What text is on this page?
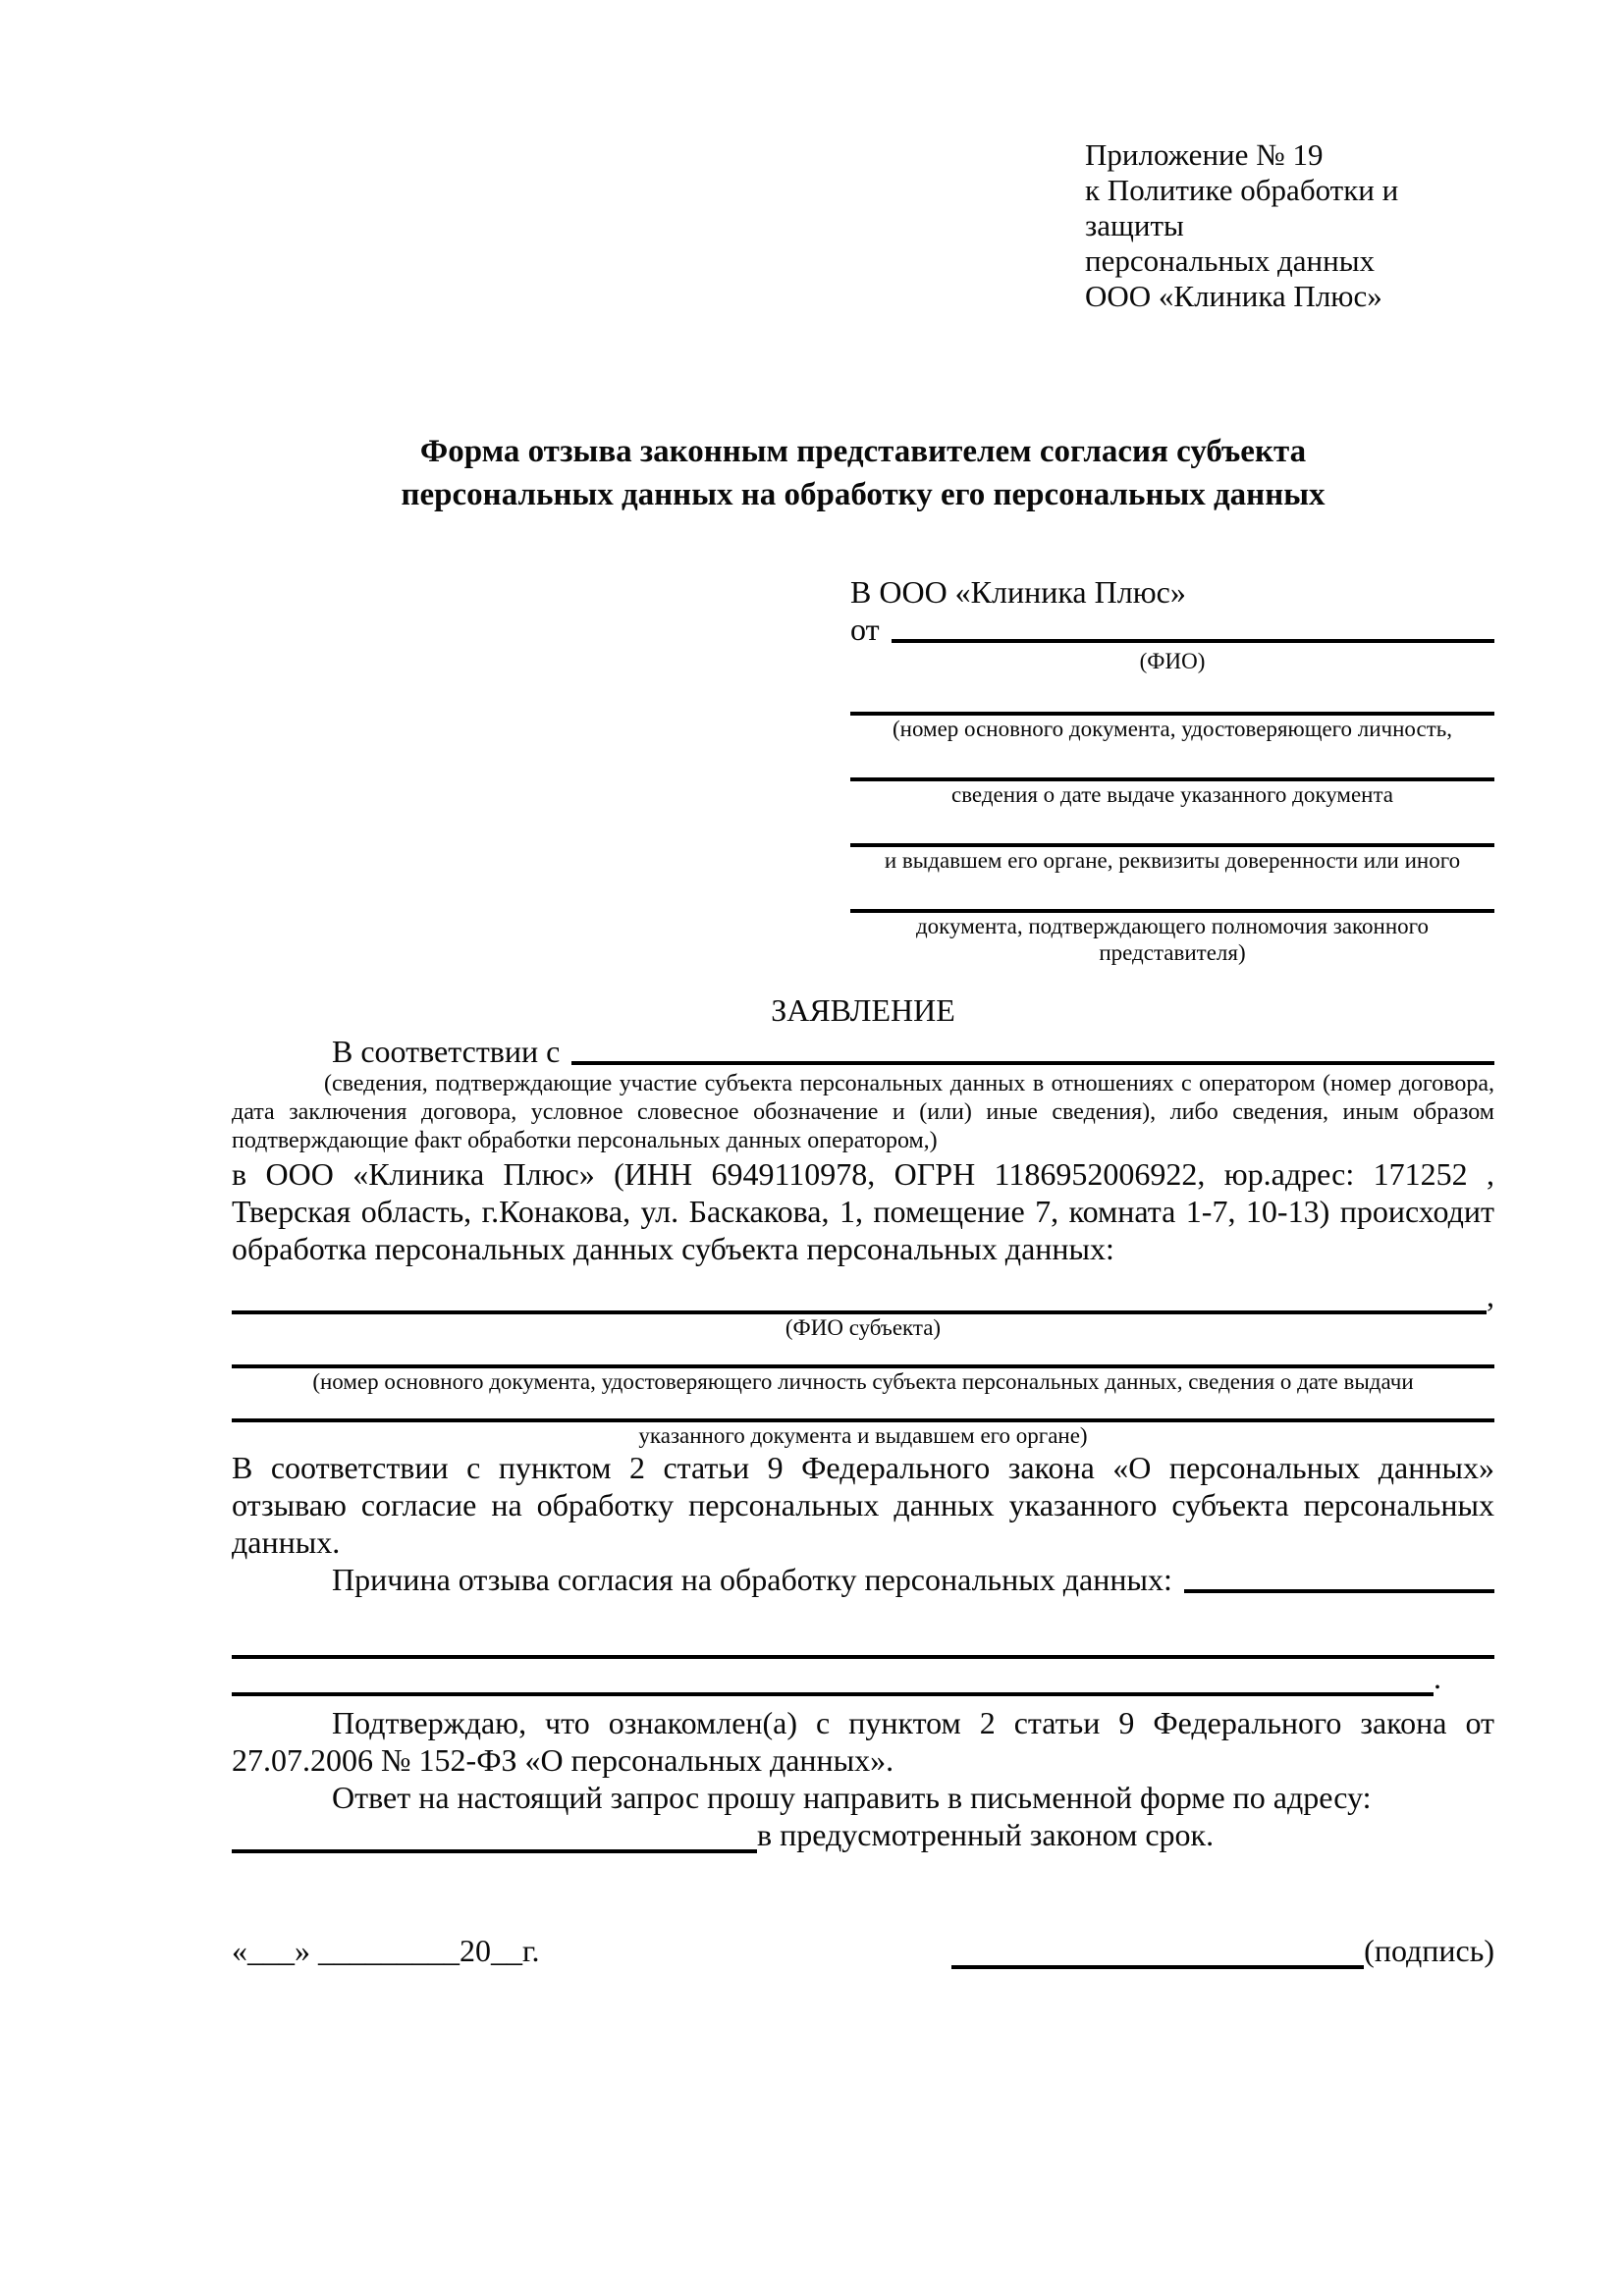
Приложение № 19
к Политике обработки и защиты
персональных данных
ООО «Клиника Плюс»
Форма отзыва законным представителем согласия субъекта
персональных данных на обработку его персональных данных
В ООО «Клиника Плюс»
от
(ФИО)
(номер основного документа, удостоверяющего личность,
сведения о дате выдаче указанного документа
и выдавшем его органе, реквизиты доверенности или иного
документа, подтверждающего полномочия законного представителя)
ЗАЯВЛЕНИЕ
В соответствии с
(сведения, подтверждающие участие субъекта персональных данных в отношениях с оператором (номер договора, дата заключения договора, условное словесное обозначение и (или) иные сведения), либо сведения, иным образом подтверждающие факт обработки персональных данных оператором,)
в ООО «Клиника Плюс» (ИНН 6949110978, ОГРН 1186952006922, юр.адрес: 171252 , Тверская область, г.Конакова, ул. Баскакова, 1, помещение 7, комната 1-7, 10-13) происходит обработка персональных данных субъекта персональных данных:
,
(ФИО субъекта)
(номер основного документа, удостоверяющего личность субъекта персональных данных, сведения о дате выдачи
указанного документа и выдавшем его органе)
В соответствии с пунктом 2 статьи 9 Федерального закона «О персональных данных» отзываю согласие на обработку персональных данных указанного субъекта персональных данных.
Причина отзыва согласия на обработку персональных данных:
.
Подтверждаю, что ознакомлен(а) с пунктом 2 статьи 9 Федерального закона от 27.07.2006 № 152-ФЗ «О персональных данных».
Ответ на настоящий запрос прошу направить в письменной форме по адресу:
в предусмотренный законом срок.
«___» _________20__г.	(подпись)
